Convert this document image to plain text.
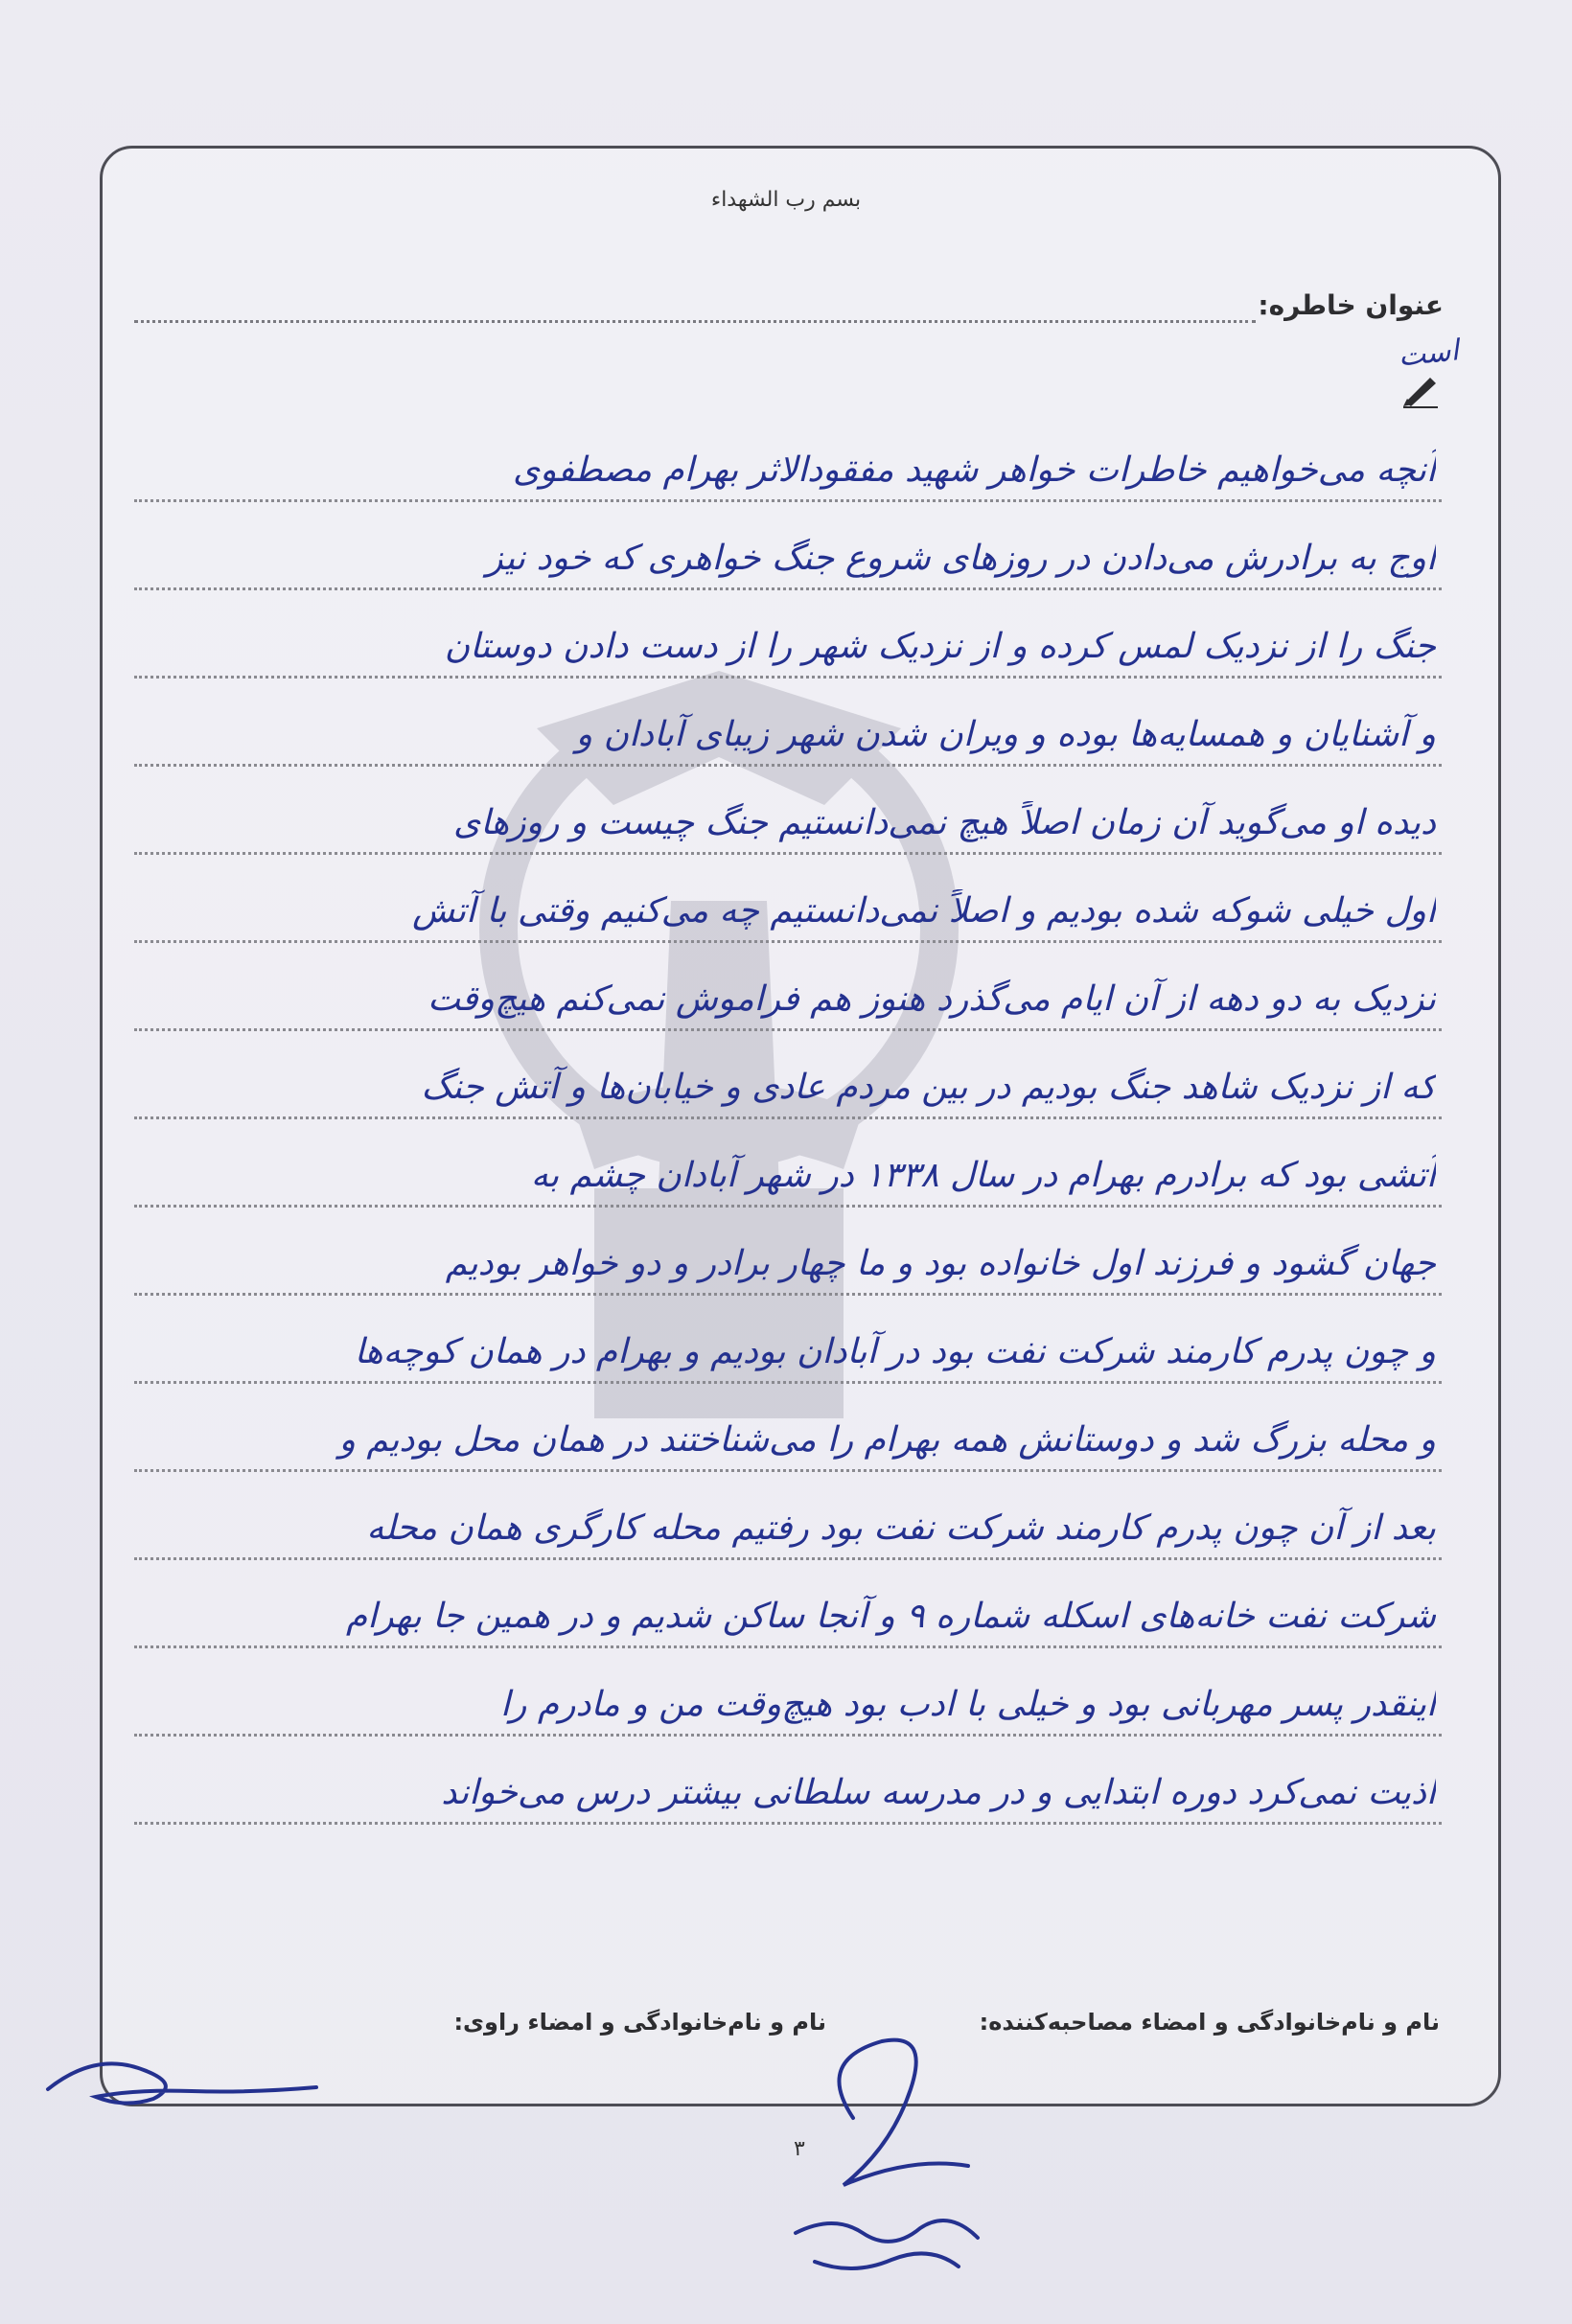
بسم رب الشهداء
عنوان خاطره:
است
آنچه می‌خواهیم خاطرات خواهر شهید مفقودالاثر بهرام مصطفوی
اوج به برادرش می‌دادن در روزهای شروع جنگ خواهری که خود نیز
جنگ را از نزدیک لمس کرده و از نزدیک شهر را از دست دادن دوستان
و آشنایان و همسایه‌ها بوده و ویران شدن شهر زیبای آبادان و
دیده او می‌گوید آن زمان اصلاً هیچ نمی‌دانستیم جنگ چیست و روزهای
اول خیلی شوکه شده بودیم و اصلاً نمی‌دانستیم چه می‌کنیم وقتی با آتش
نزدیک به دو دهه از آن ایام می‌گذرد هنوز هم فراموش نمی‌کنم هیچ‌وقت
که از نزدیک شاهد جنگ بودیم در بین مردم عادی و خیابان‌ها و آتش جنگ
آتشی بود که برادرم بهرام در سال ۱۳۳۸ در شهر آبادان چشم به
جهان گشود و فرزند اول خانواده بود و ما چهار برادر و دو خواهر بودیم
و چون پدرم کارمند شرکت نفت بود در آبادان بودیم و بهرام در همان کوچه‌ها
و محله بزرگ شد و دوستانش همه بهرام را می‌شناختند در همان محل بودیم و
بعد از آن چون پدرم کارمند شرکت نفت بود رفتیم محله کارگری همان محله
شرکت نفت خانه‌های اسکله شماره ۹ و آنجا ساکن شدیم و در همین جا بهرام
اینقدر پسر مهربانی بود و خیلی با ادب بود هیچ‌وقت من و مادرم را
اذیت نمی‌کرد دوره ابتدایی و در مدرسه سلطانی بیشتر درس می‌خواند
نام و نام‌خانوادگی و امضاء مصاحبه‌کننده:
نام و نام‌خانوادگی و امضاء راوی:
۳
